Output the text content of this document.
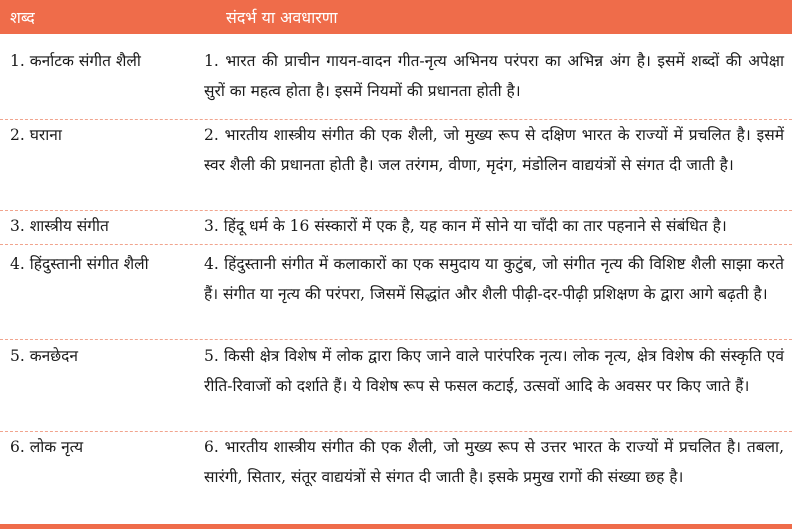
शब्द	संदर्भ या अवधारणा
1. कर्नाटक संगीत शैली	1. भारत की प्राचीन गायन-वादन गीत-नृत्य अभिनय परंपरा का अभिन्न अंग है। इसमें शब्दों की अपेक्षा सुरों का महत्व होता है। इसमें नियमों की प्रधानता होती है।
2. घराना	2. भारतीय शास्त्रीय संगीत की एक शैली, जो मुख्य रूप से दक्षिण भारत के राज्यों में प्रचलित है। इसमें स्वर शैली की प्रधानता होती है। जल तरंगम, वीणा, मृदंग, मंडोलिन वाद्ययंत्रों से संगत दी जाती है।
3. शास्त्रीय संगीत	3. हिंदू धर्म के 16 संस्कारों में एक है, यह कान में सोने या चाँदी का तार पहनाने से संबंधित है।
4. हिंदुस्तानी संगीत शैली	4. हिंदुस्तानी संगीत में कलाकारों का एक समुदाय या कुटुंब, जो संगीत नृत्य की विशिष्ट शैली साझा करते हैं। संगीत या नृत्य की परंपरा, जिसमें सिद्धांत और शैली पीढ़ी-दर-पीढ़ी प्रशिक्षण के द्वारा आगे बढ़ती है।
5. कनछेदन	5. किसी क्षेत्र विशेष में लोक द्वारा किए जाने वाले पारंपरिक नृत्य। लोक नृत्य, क्षेत्र विशेष की संस्कृति एवं रीति-रिवाजों को दर्शाते हैं। ये विशेष रूप से फसल कटाई, उत्सवों आदि के अवसर पर किए जाते हैं।
6. लोक नृत्य	6. भारतीय शास्त्रीय संगीत की एक शैली, जो मुख्य रूप से उत्तर भारत के राज्यों में प्रचलित है। तबला, सारंगी, सितार, संतूर वाद्ययंत्रों से संगत दी जाती है। इसके प्रमुख रागों की संख्या छह है।
